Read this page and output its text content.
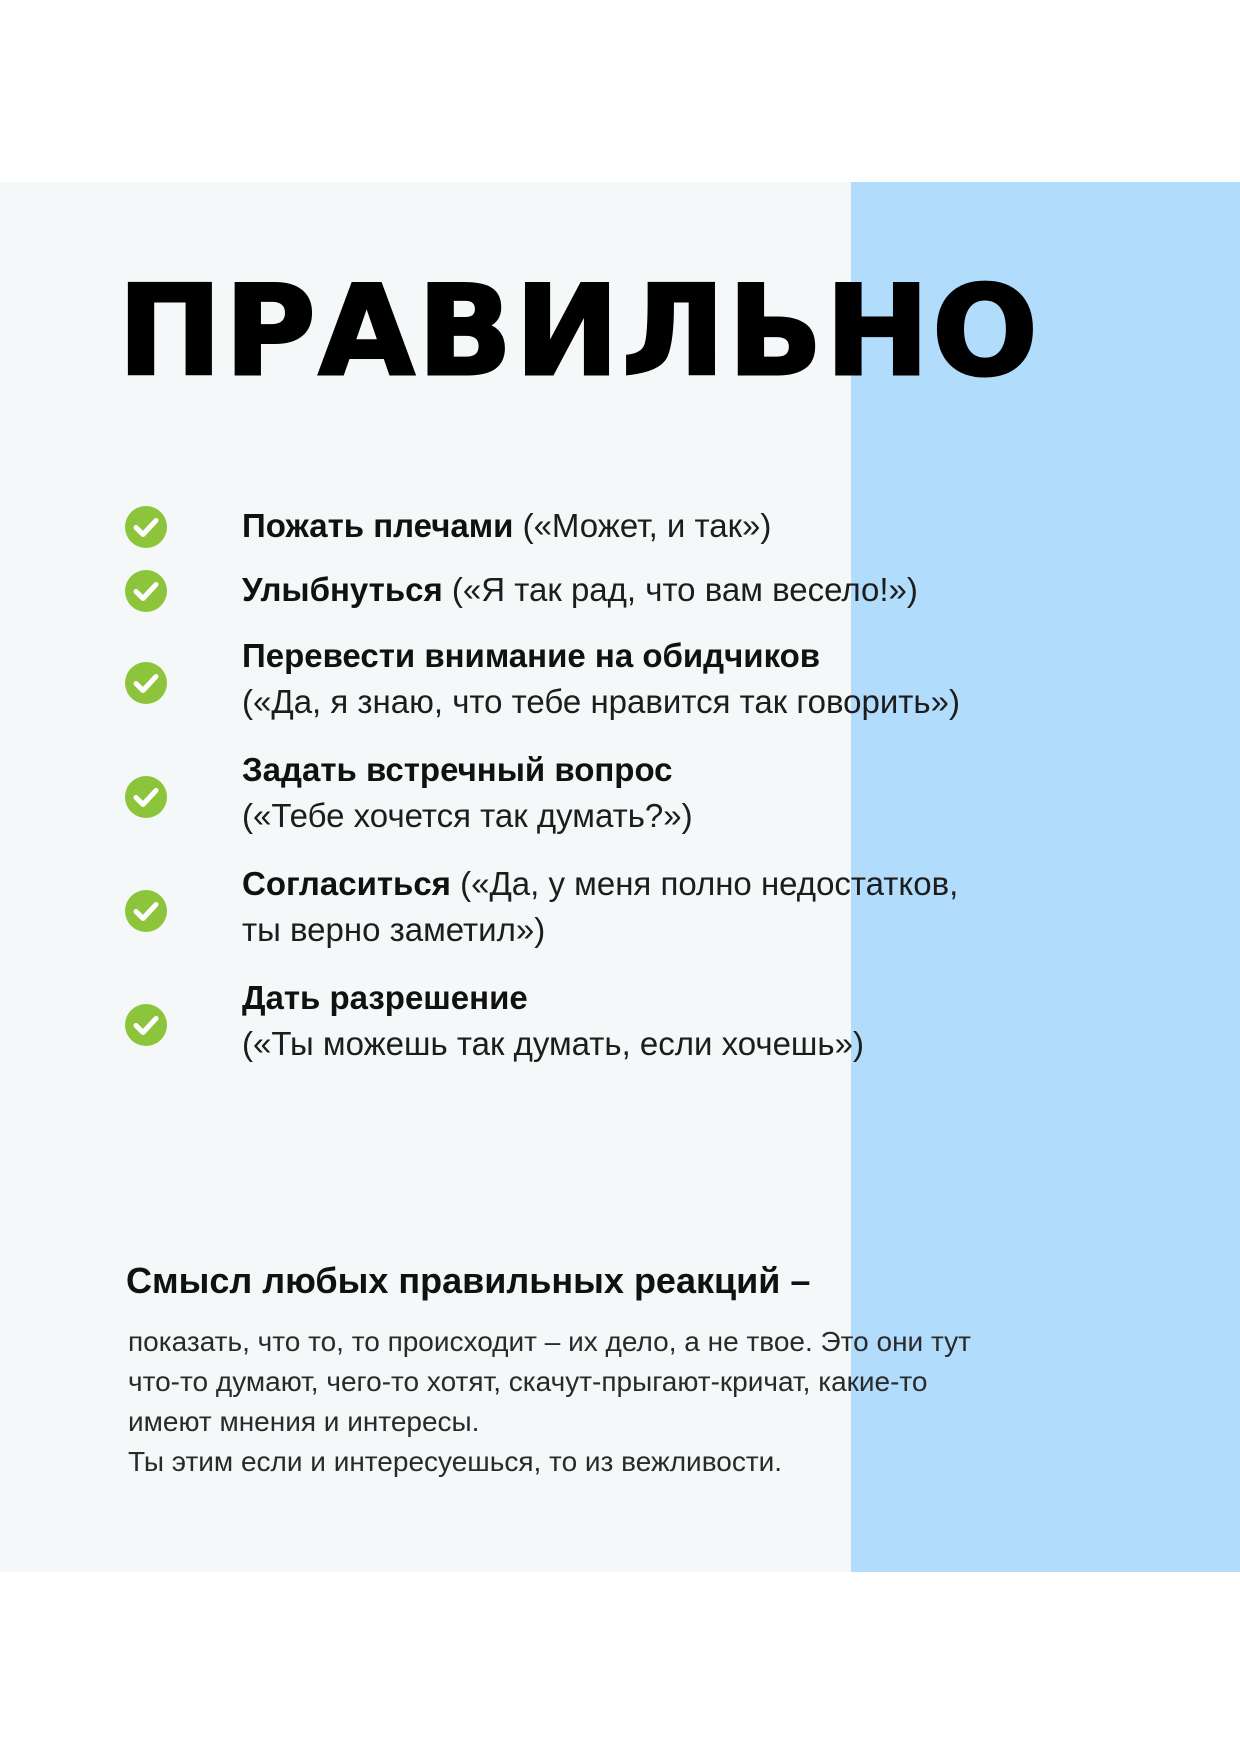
ПРАВИЛЬНО
Пожать плечами («Может, и так»)
Улыбнуться («Я так рад, что вам весело!»)
Перевести внимание на обидчиков
(«Да, я знаю, что тебе нравится так говорить»)
Задать встречный вопрос
(«Тебе хочется так думать?»)
Согласиться («Да, у меня полно недостатков,
ты верно заметил»)
Дать разрешение
(«Ты можешь так думать, если хочешь»)
Смысл любых правильных реакций –
показать, что то, то происходит – их дело, а не твое. Это они тут
что-то думают, чего-то хотят, скачут-прыгают-кричат, какие-то
имеют мнения и интересы.
Ты этим если и интересуешься, то из вежливости.
